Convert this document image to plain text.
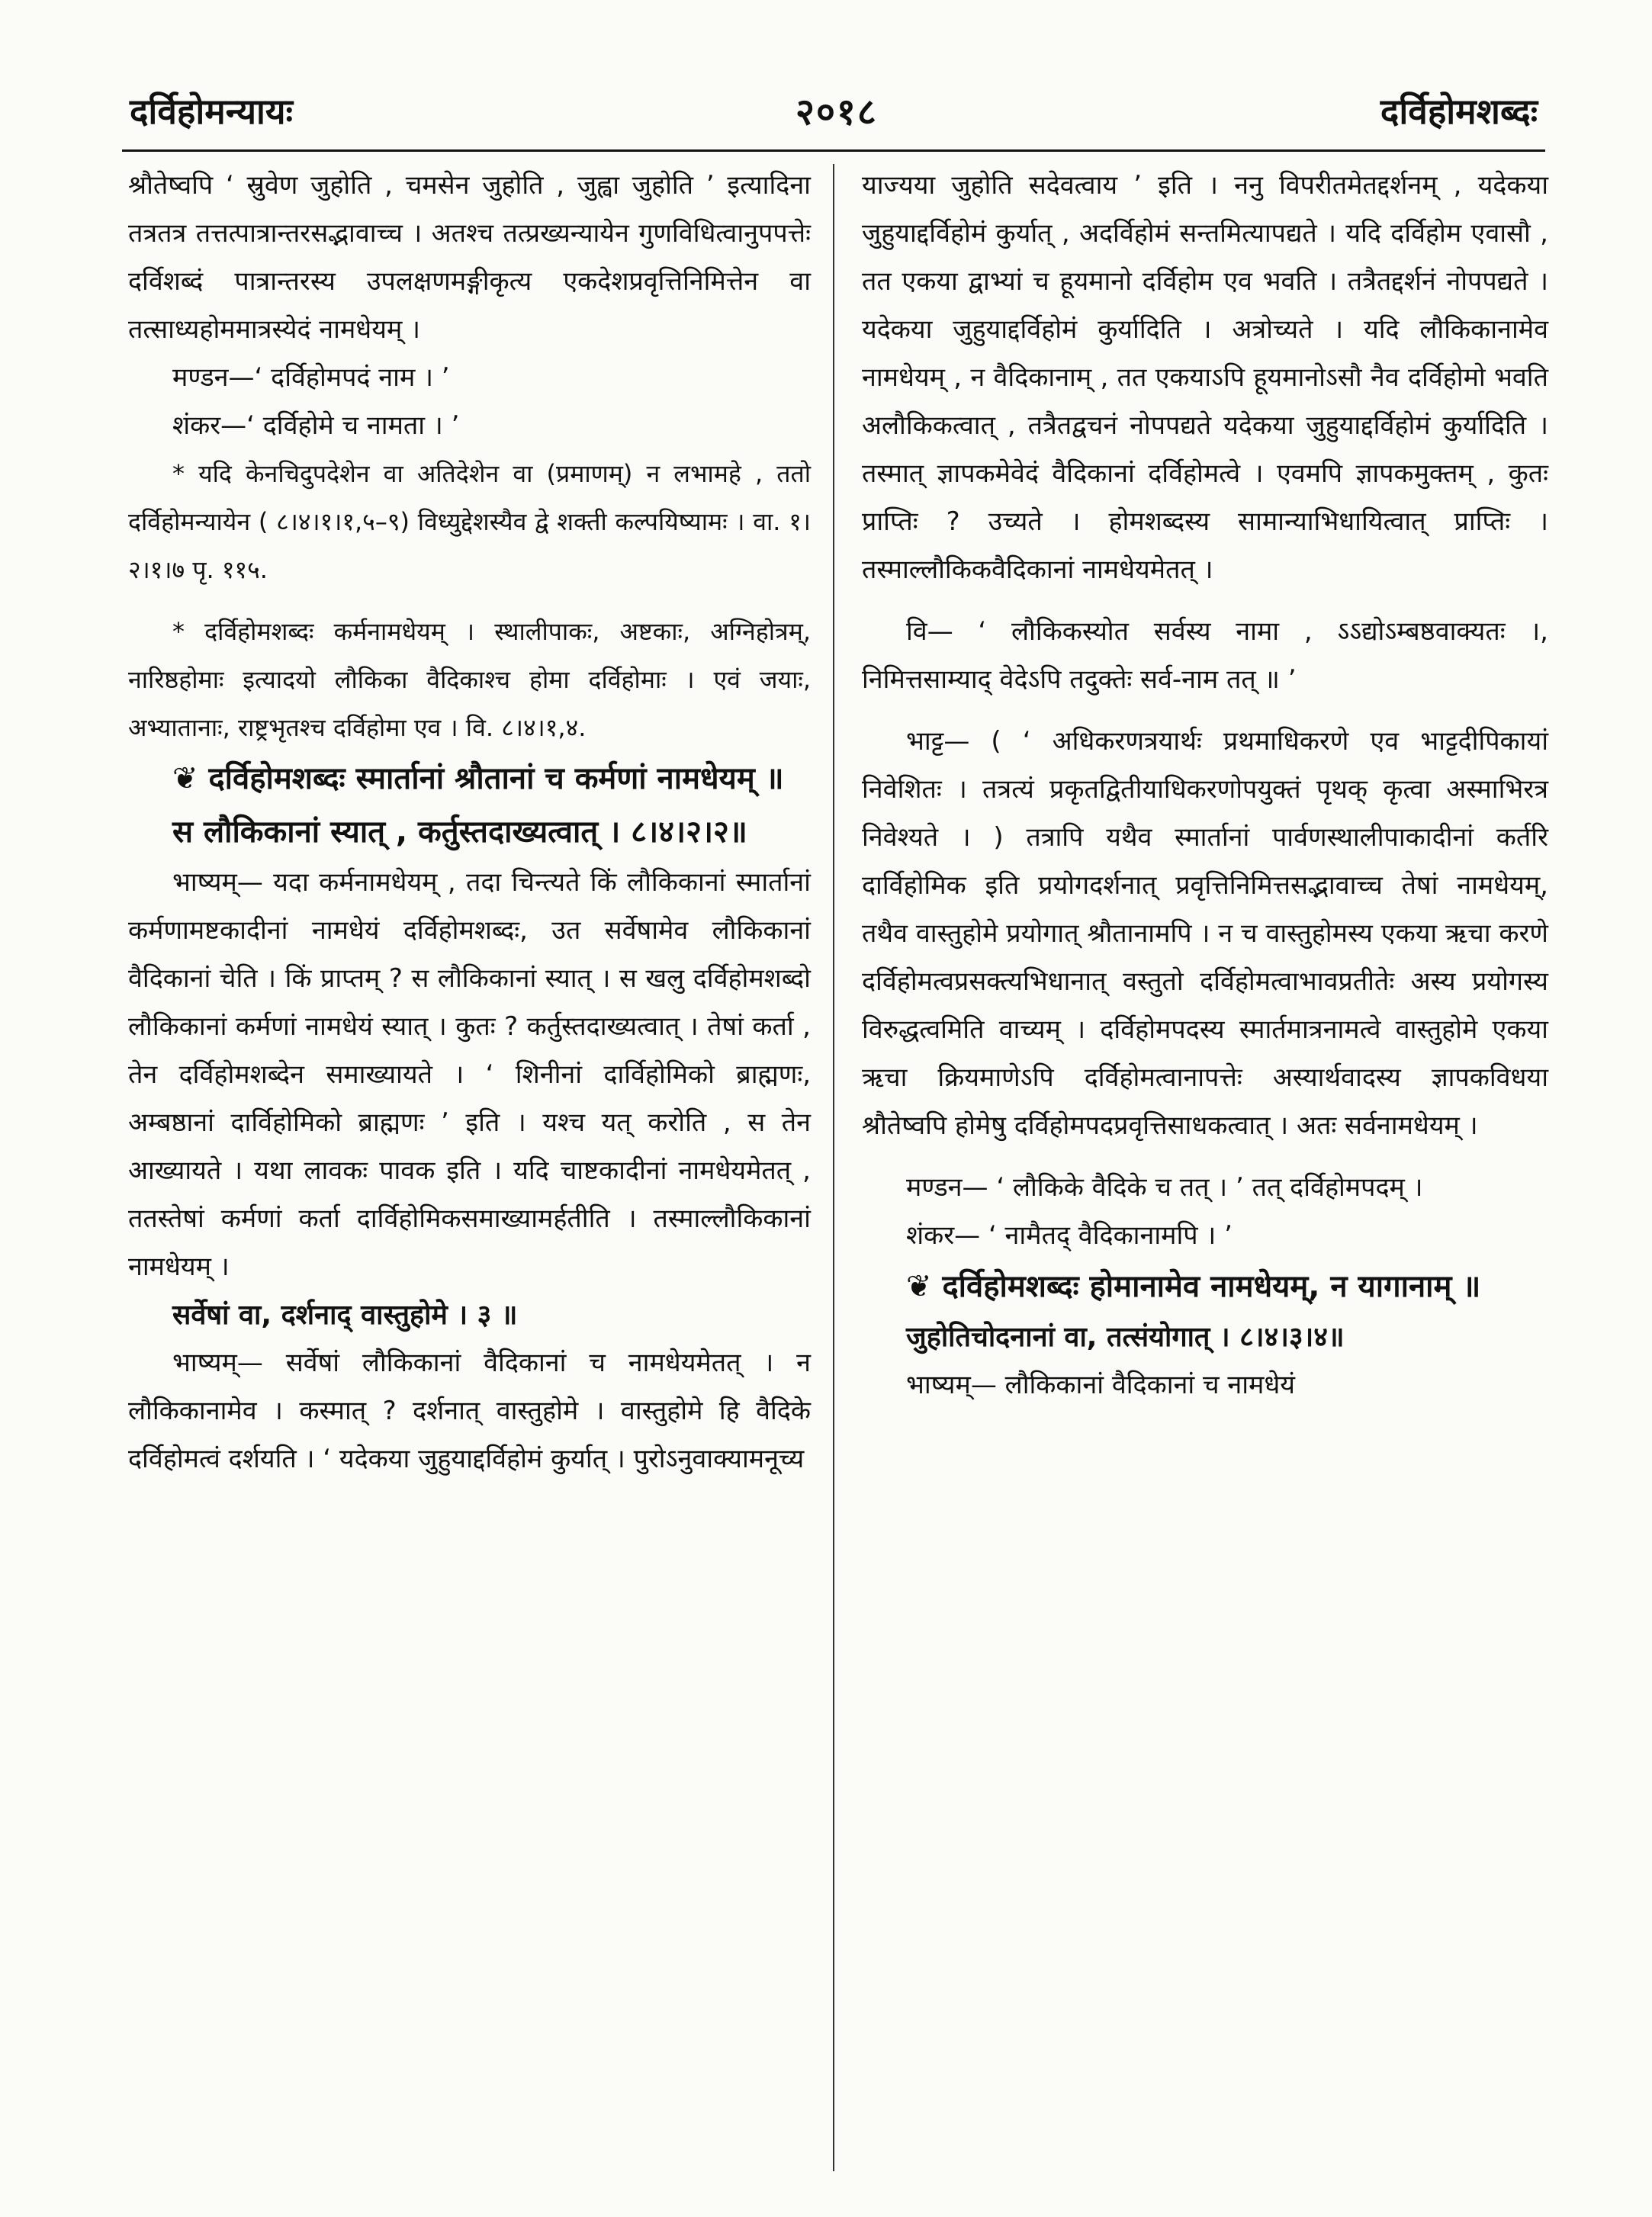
दर्विहोमन्यायः	२०१८	दर्विहोमशब्दः

श्रौतेष्वपि ‘ स्रुवेण जुहोति , चमसेन जुहोति , जुह्वा जुहोति ’ इत्यादिना तत्रतत्र तत्तत्पात्रान्तरसद्भावाच्च । अतश्च तत्प्रख्यन्यायेन गुणविधित्वानुपपत्तेः दर्विशब्दं पात्रान्तरस्य उपलक्षणमङ्गीकृत्य एकदेशप्रवृत्तिनिमित्तेन वा तत्साध्यहोममात्रस्येदं नामधेयम् ।

मण्डन—‘ दर्विहोमपदं नाम । ’

शंकर—‘ दर्विहोमे च नामता । ’

* यदि केनचिदुपदेशेन वा अतिदेशेन वा (प्रमाणम्) न लभामहे , ततो दर्विहोमन्यायेन ( ८।४।१।१,५–९) विध्युद्देशस्यैव द्वे शक्ती कल्पयिष्यामः । वा. १।२।१।७ पृ. ११५.

* दर्विहोमशब्दः कर्मनामधेयम् । स्थालीपाकः, अष्टकाः, अग्निहोत्रम्, नारिष्ठहोमाः इत्यादयो लौकिका वैदिकाश्च होमा दर्विहोमाः । एवं जयाः, अभ्यातानाः, राष्ट्रभृतश्च दर्विहोमा एव । वि. ८।४।१,४.

❦ दर्विहोमशब्दः स्मार्तानां श्रौतानां च कर्मणां नामधेयम् ॥

स लौकिकानां स्यात् , कर्तुस्तदाख्यत्वात् । ८।४।२।२॥

भाष्यम्— यदा कर्मनामधेयम् , तदा चिन्त्यते किं लौकिकानां स्मार्तानां कर्मणामष्टकादीनां नामधेयं दर्विहोमशब्दः, उत सर्वेषामेव लौकिकानां वैदिकानां चेति । किं प्राप्तम् ? स लौकिकानां स्यात् । स खलु दर्विहोमशब्दो लौकिकानां कर्मणां नामधेयं स्यात् । कुतः ? कर्तुस्तदाख्यत्वात् । तेषां कर्ता , तेन दर्विहोमशब्देन समाख्यायते । ‘ शिनीनां दार्विहोमिको ब्राह्मणः, अम्बष्ठानां दार्विहोमिको ब्राह्मणः ’ इति । यश्च यत् करोति , स तेन आख्यायते । यथा लावकः पावक इति । यदि चाष्टकादीनां नामधेयमेतत् , ततस्तेषां कर्मणां कर्ता दार्विहोमिकसमाख्यामर्हतीति । तस्माल्लौकिकानां नामधेयम् ।

सर्वेषां वा, दर्शनाद् वास्तुहोमे । ३ ॥

भाष्यम्— सर्वेषां लौकिकानां वैदिकानां च नामधेयमेतत् । न लौकिकानामेव । कस्मात् ? दर्शनात् वास्तुहोमे । वास्तुहोमे हि वैदिके दर्विहोमत्वं दर्शयति । ‘ यदेकया जुहुयाद्दर्विहोमं कुर्यात् । पुरोऽनुवाक्यामनूच्य

याज्यया जुहोति सदेवत्वाय ’ इति । ननु विपरीतमेतद्दर्शनम् , यदेकया जुहुयाद्दर्विहोमं कुर्यात् , अदर्विहोमं सन्तमित्यापद्यते । यदि दर्विहोम एवासौ , तत एकया द्वाभ्यां च हूयमानो दर्विहोम एव भवति । तत्रैतद्दर्शनं नोपपद्यते । यदेकया जुहुयाद्दर्विहोमं कुर्यादिति । अत्रोच्यते । यदि लौकिकानामेव नामधेयम् , न वैदिकानाम् , तत एकयाऽपि हूयमानोऽसौ नैव दर्विहोमो भवति अलौकिकत्वात् , तत्रैतद्वचनं नोपपद्यते यदेकया जुहुयाद्दर्विहोमं कुर्यादिति । तस्मात् ज्ञापकमेवेदं वैदिकानां दर्विहोमत्वे । एवमपि ज्ञापकमुक्तम् , कुतः प्राप्तिः ? उच्यते । होमशब्दस्य सामान्याभिधायित्वात् प्राप्तिः । तस्माल्लौकिकवैदिकानां नामधेयमेतत् ।

वि— ‘ लौकिकस्योत सर्वस्य नामा , ऽऽद्योऽम्बष्ठवाक्यतः ।, निमित्तसाम्याद् वेदेऽपि तदुक्तेः सर्व-नाम तत् ॥ ’

भाट्ट— ( ‘ अधिकरणत्रयार्थः प्रथमाधिकरणे एव भाट्टदीपिकायां निवेशितः । तत्रत्यं प्रकृतद्वितीयाधिकरणोपयुक्तं पृथक् कृत्वा अस्माभिरत्र निवेश्यते । ) तत्रापि यथैव स्मार्तानां पार्वणस्थालीपाकादीनां कर्तरि दार्विहोमिक इति प्रयोगदर्शनात् प्रवृत्तिनिमित्तसद्भावाच्च तेषां नामधेयम्, तथैव वास्तुहोमे प्रयोगात् श्रौतानामपि । न च वास्तुहोमस्य एकया ऋचा करणे दर्विहोमत्वप्रसक्त्यभिधानात् वस्तुतो दर्विहोमत्वाभावप्रतीतेः अस्य प्रयोगस्य विरुद्धत्वमिति वाच्यम् । दर्विहोमपदस्य स्मार्तमात्रनामत्वे वास्तुहोमे एकया ऋचा क्रियमाणेऽपि दर्विहोमत्वानापत्तेः अस्यार्थवादस्य ज्ञापकविधया श्रौतेष्वपि होमेषु दर्विहोमपदप्रवृत्तिसाधकत्वात् । अतः सर्वनामधेयम् ।

मण्डन— ‘ लौकिके वैदिके च तत् । ’ तत् दर्विहोमपदम् ।

शंकर— ‘ नामैतद् वैदिकानामपि । ’

❦ दर्विहोमशब्दः होमानामेव नामधेयम्, न यागानाम् ॥

जुहोतिचोदनानां वा, तत्संयोगात् । ८।४।३।४॥

भाष्यम्— लौकिकानां वैदिकानां च नामधेयं
